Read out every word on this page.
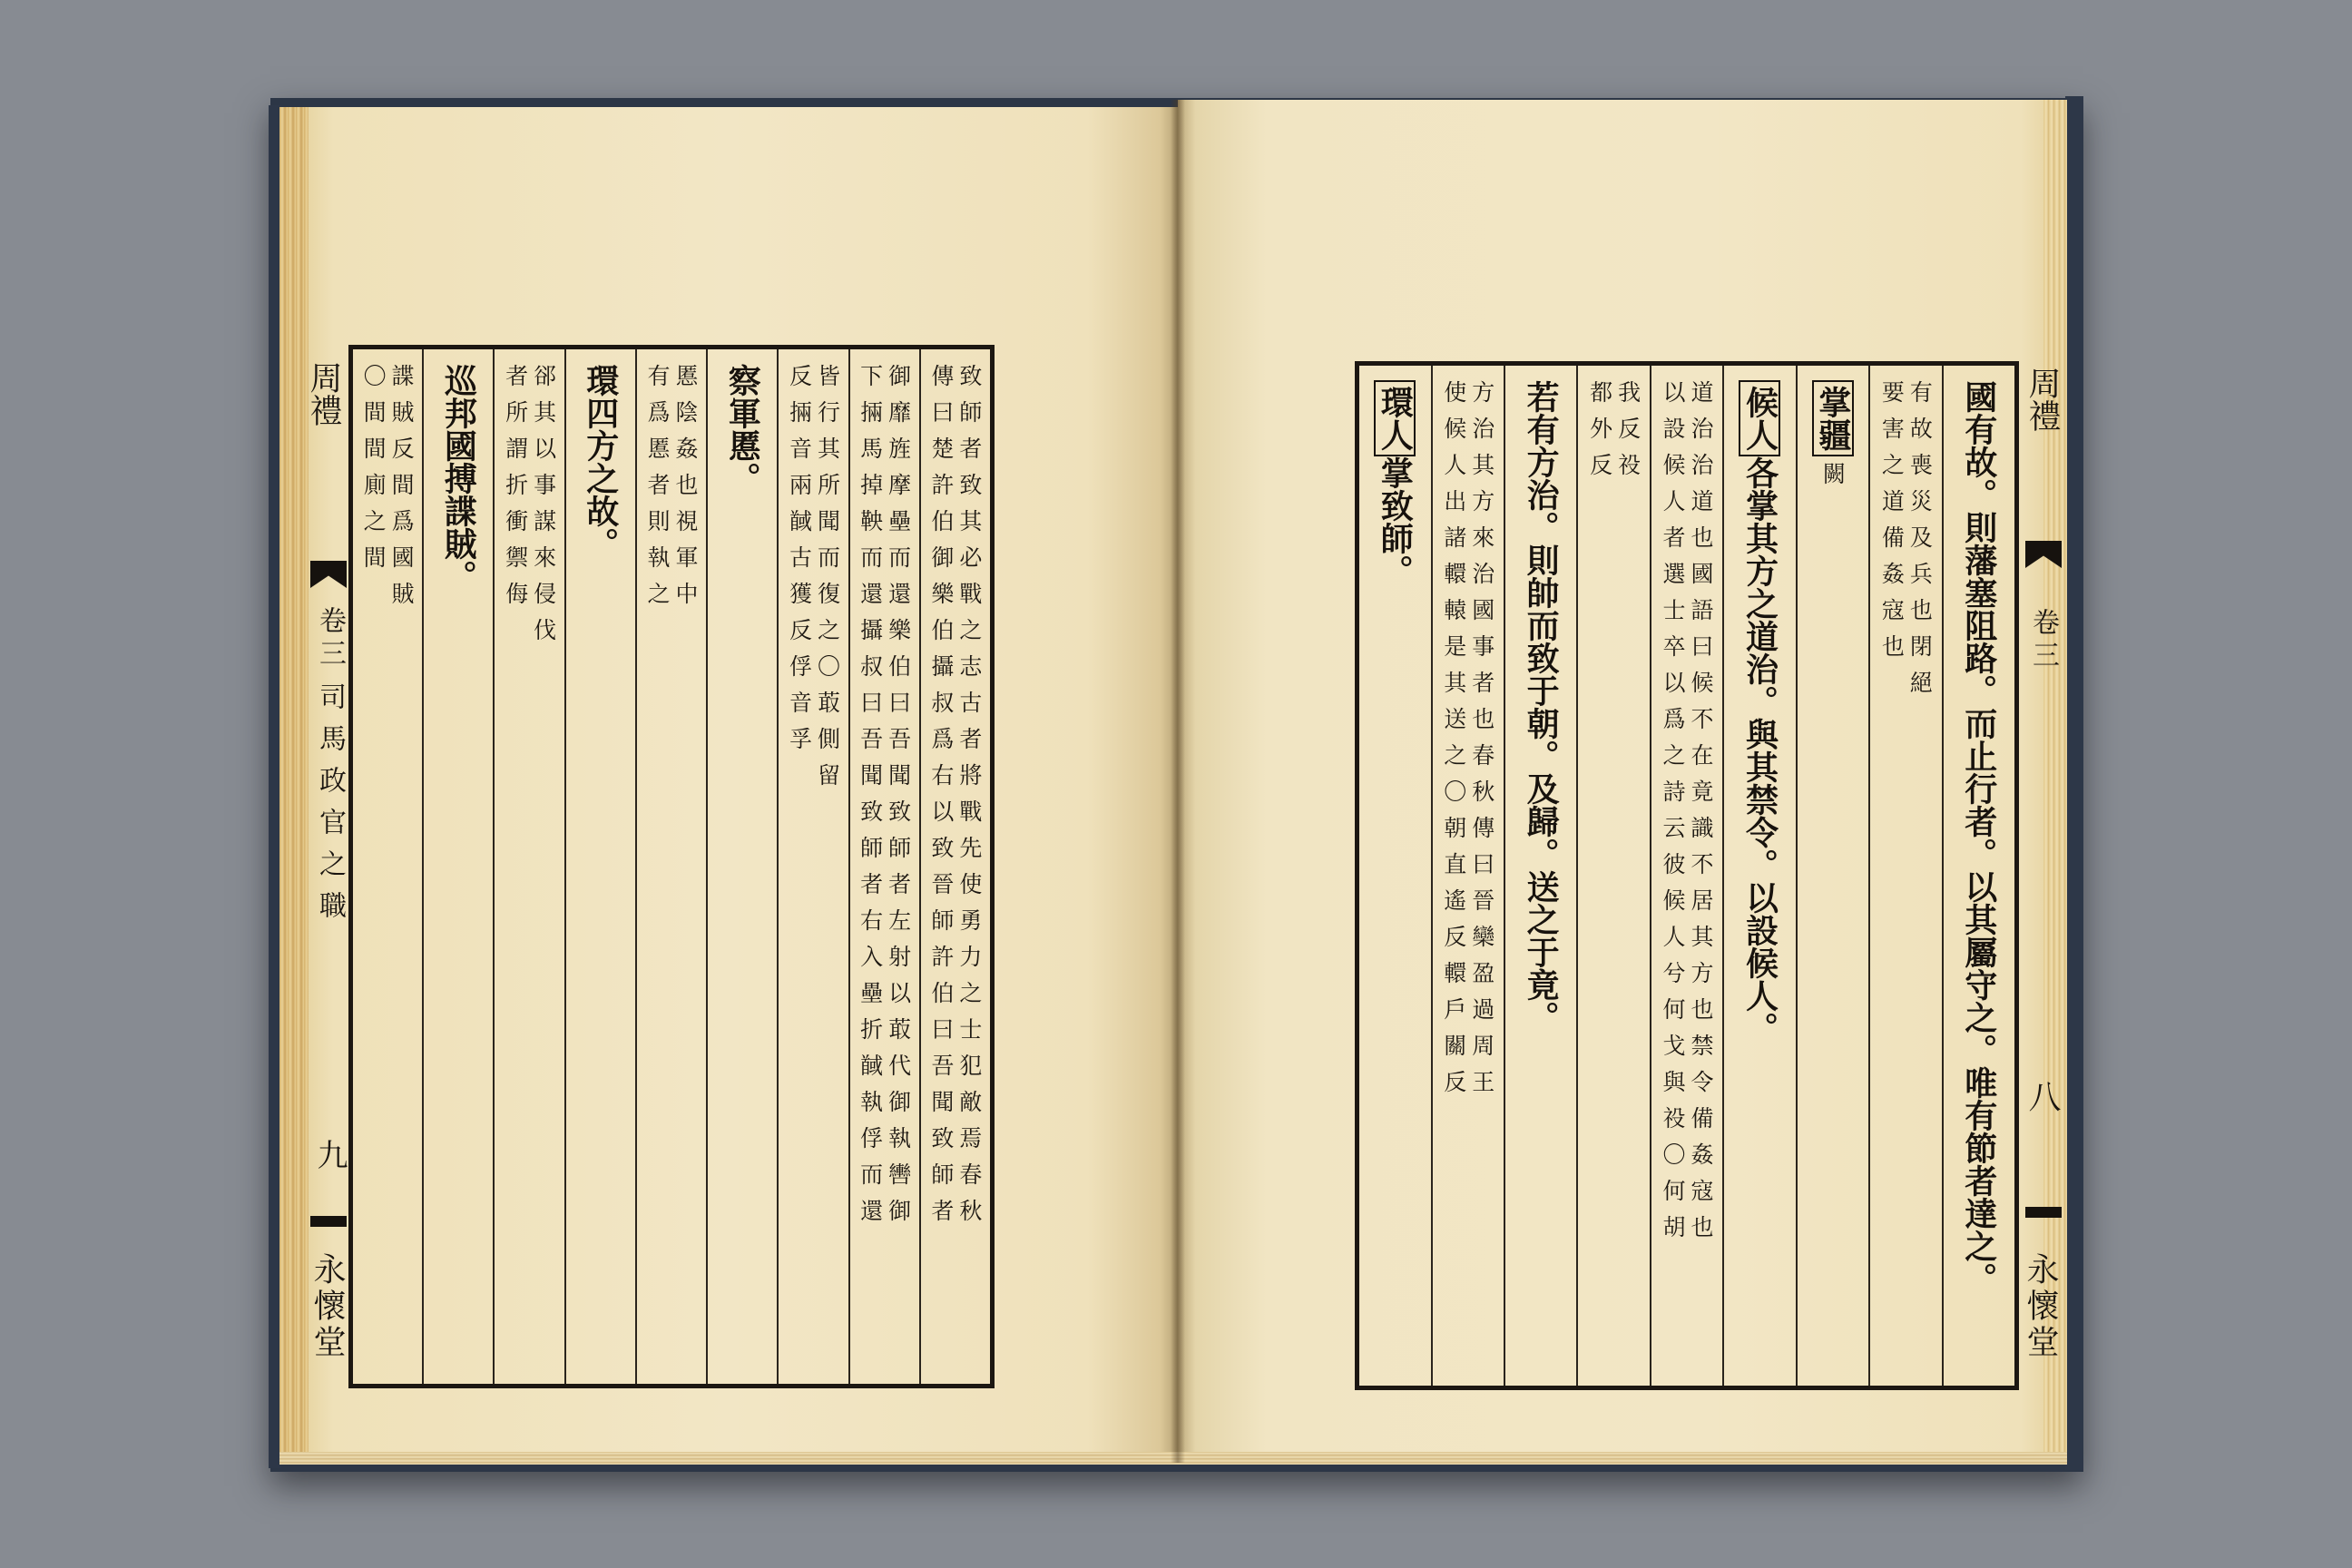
周禮
卷三
司馬政官之職
九
永懷堂
周禮
卷三
八
永懷堂
致師者致其必戰之志古者將戰先使勇力之士犯敵焉春秋
傳曰楚許伯御樂伯攝叔爲右以致晉師許伯曰吾聞致師者
御靡旌摩壘而還樂伯曰吾聞致師者左射以菆代御執轡御
下掚馬掉鞅而還攝叔曰吾聞致師者右入壘折馘執俘而還
皆行其所聞而復之〇菆側留
反掚音兩馘古獲反俘音孚
察軍慝。
慝陰姦也視軍中
有爲慝者則執之
環四方之故。
郤其以事謀來侵伐
者所謂折衝禦侮
巡邦國搏諜賊。
諜賊反間爲國賊
〇間間廁之間	國有故。則藩塞阻路。而止行者。以其屬守之。唯有節者達之。
有故喪災及兵也閉絕
要害之道備姦寇也
掌疆
闕
候人
各掌其方之道治。與其禁令。以設候人。
道治治道也國語曰候不在竟識不居其方也禁令備姦寇也
以設候人者選士卒以爲之詩云彼候人兮何戈與祋〇何胡
我反祋
都外反
若有方治。則帥而致于朝。及歸。送之于竟。
方治其方來治國事者也春秋傳曰晉欒盈過周王
使候人出諸轘轅是其送之〇朝直遙反轘戶關反
環人
掌致師。
